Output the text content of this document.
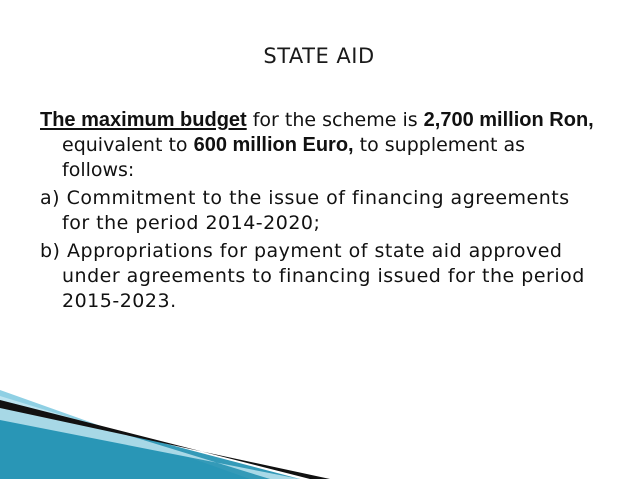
STATE AID

The maximum budget for the scheme is 2,700 million Ron, equivalent to 600 million Euro, to supplement as follows:

a) Commitment to the issue of financing agreements for the period 2014-2020;

b) Appropriations for payment of state aid approved under agreements to financing issued for the period 2015-2023.
